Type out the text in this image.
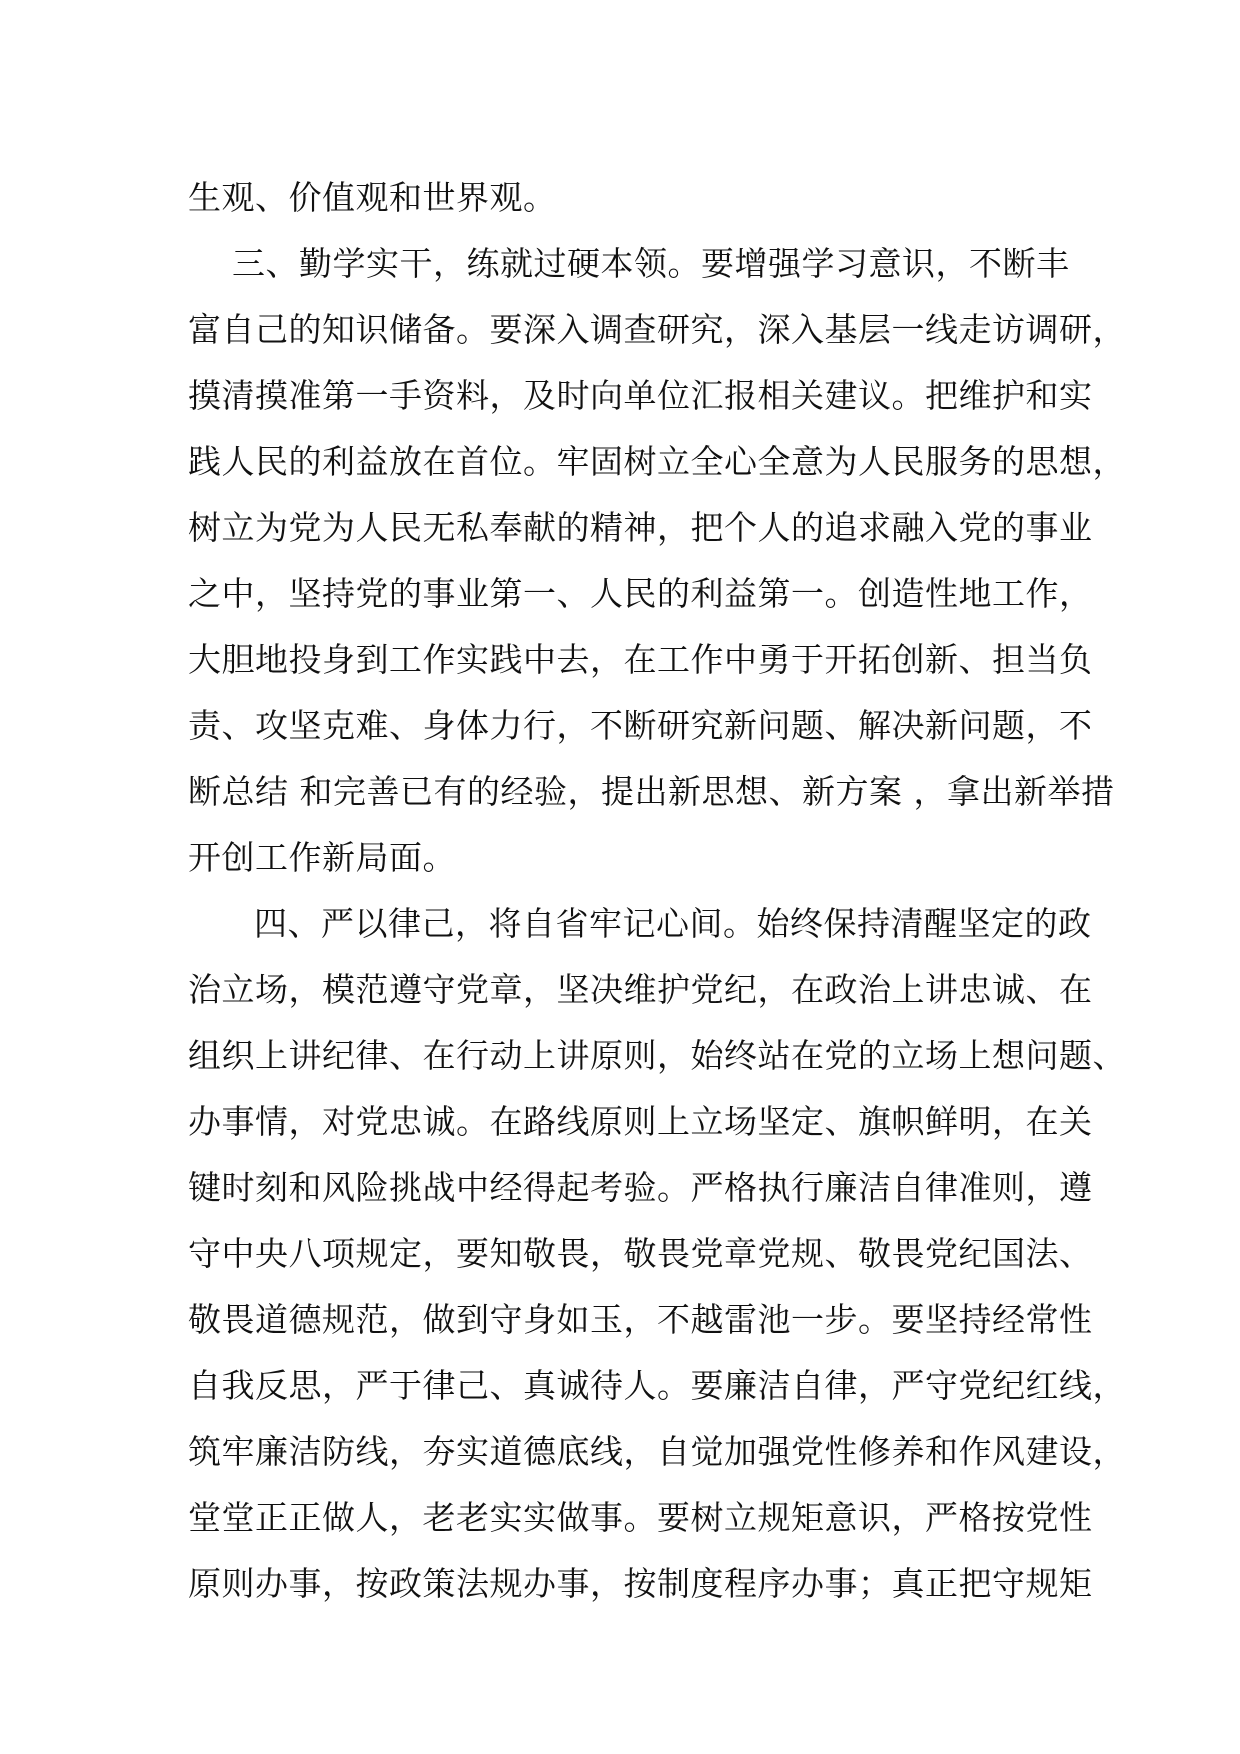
生观、价值观和世界观。
三、勤学实干，练就过硬本领。要增强学习意识，不断丰
富自己的知识储备。要深入调查研究，深入基层一线走访调研，
摸清摸准第一手资料，及时向单位汇报相关建议。把维护和实
践人民的利益放在首位。牢固树立全心全意为人民服务的思想，
树立为党为人民无私奉献的精神，把个人的追求融入党的事业
之中，坚持党的事业第一、人民的利益第一。创造性地工作，
大胆地投身到工作实践中去，在工作中勇于开拓创新、担当负
责、攻坚克难、身体力行，不断研究新问题、解决新问题，不
断总结 和完善已有的经验，提出新思想、新方案 ，拿出新举措
开创工作新局面。
四、严以律己，将自省牢记心间。始终保持清醒坚定的政
治立场，模范遵守党章，坚决维护党纪，在政治上讲忠诚、在
组织上讲纪律、在行动上讲原则，始终站在党的立场上想问题、
办事情，对党忠诚。在路线原则上立场坚定、旗帜鲜明，在关
键时刻和风险挑战中经得起考验。严格执行廉洁自律准则，遵
守中央八项规定，要知敬畏，敬畏党章党规、敬畏党纪国法、
敬畏道德规范，做到守身如玉，不越雷池一步。要坚持经常性
自我反思，严于律己、真诚待人。要廉洁自律，严守党纪红线，
筑牢廉洁防线，夯实道德底线，自觉加强党性修养和作风建设，
堂堂正正做人，老老实实做事。要树立规矩意识，严格按党性
原则办事，按政策法规办事，按制度程序办事；真正把守规矩
